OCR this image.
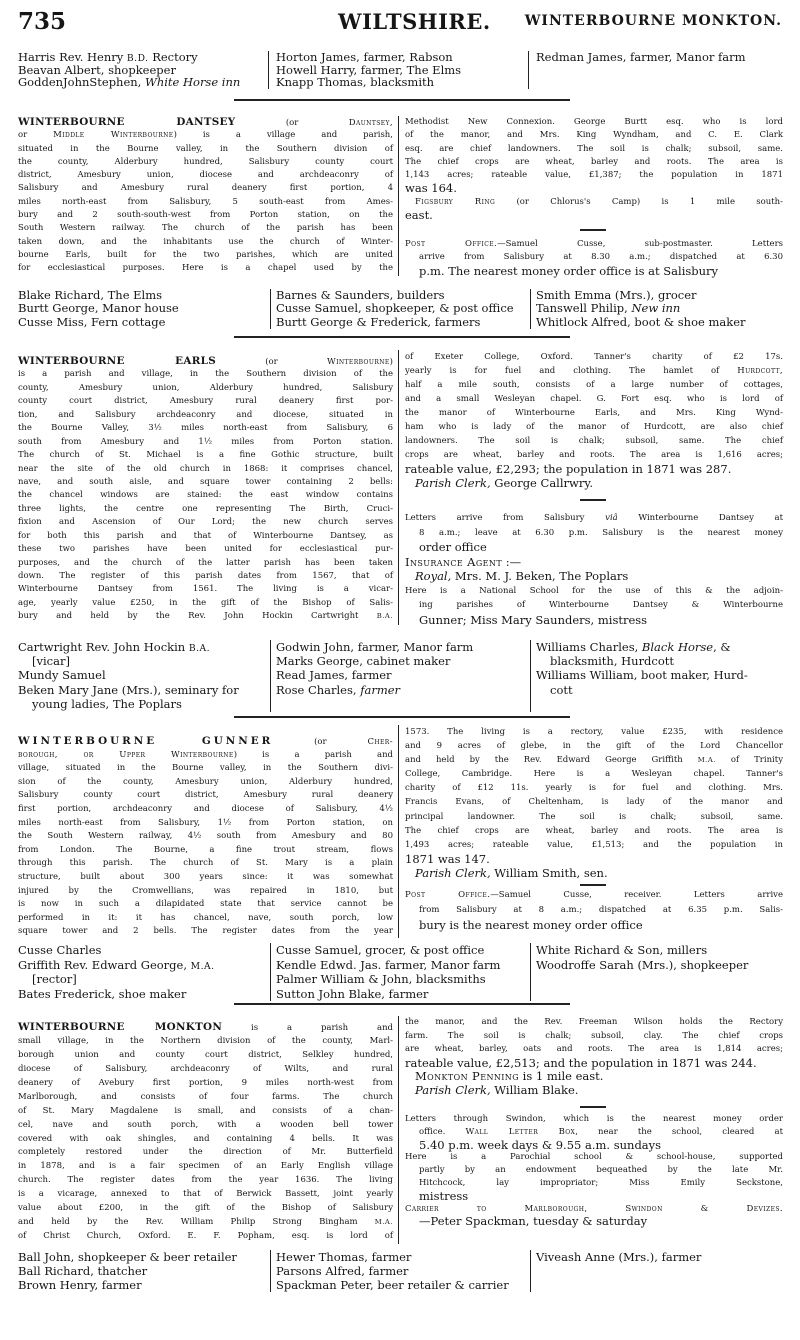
735	WILTSHIRE. WINTERBOURNE MONKTON.
Harris Rev. Henry B.D. Rectory
Beavan Albert, shopkeeper
GoddenJohnStephen, White Horse inn
Horton James, farmer, Rabson
Howell Harry, farmer, The Elms
Knapp Thomas, blacksmith
Redman James, farmer, Manor farm
WINTERBOURNE DANTSEY (or Dauntsey,
or Middle Winterbourne) is a village and parish,
situated in the Bourne valley, in the Southern division of
the county, Alderbury hundred, Salisbury county court
district, Amesbury union, diocese and archdeaconry of
Salisbury and Amesbury rural deanery first portion, 4
miles north-east from Salisbury, 5 south-east from Ames-
bury and 2 south-south-west from Porton station, on the
South Western railway. The church of the parish has been
taken down, and the inhabitants use the church of Winter-
bourne Earls, built for the two parishes, which are united
for ecclesiastical purposes. Here is a chapel used by the
Methodist New Connexion. George Burtt esq. who is lord
of the manor, and Mrs. King Wyndham, and C. E. Clark
esq. are chief landowners. The soil is chalk; subsoil, same.
The chief crops are wheat, barley and roots. The area is
1,143 acres; rateable value, £1,387; the population in 1871
was 164.
Figsbury Ring (or Chlorus's Camp) is 1 mile south-
east.
Post Office.—Samuel Cusse, sub-postmaster. Letters
arrive from Salisbury at 8.30 a.m.; dispatched at 6.30
p.m. The nearest money order office is at Salisbury
Blake Richard, The Elms
Burtt George, Manor house
Cusse Miss, Fern cottage
Barnes & Saunders, builders
Cusse Samuel, shopkeeper, & post office
Burtt George & Frederick, farmers
Smith Emma (Mrs.), grocer
Tanswell Philip, New inn
Whitlock Alfred, boot & shoe maker
WINTERBOURNE EARLS (or Winterbourne)
is a parish and village, in the Southern division of the
county, Amesbury union, Alderbury hundred, Salisbury
county court district, Amesbury rural deanery first por-
tion, and Salisbury archdeaconry and diocese, situated in
the Bourne Valley, 3½ miles north-east from Salisbury, 6
south from Amesbury and 1½ miles from Porton station.
The church of St. Michael is a fine Gothic structure, built
near the site of the old church in 1868: it comprises chancel,
nave, and south aisle, and square tower containing 2 bells:
the chancel windows are stained: the east window contains
three lights, the centre one representing The Birth, Cruci-
fixion and Ascension of Our Lord; the new church serves
for both this parish and that of Winterbourne Dantsey, as
these two parishes have been united for ecclesiastical pur-
purposes, and the church of the latter parish has been taken
down. The register of this parish dates from 1567, that of
Winterbourne Dantsey from 1561. The living is a vicar-
age, yearly value £250, in the gift of the Bishop of Salis-
bury and held by the Rev. John Hockin Cartwright B.A.
of Exeter College, Oxford. Tanner's charity of £2 17s.
yearly is for fuel and clothing. The hamlet of Hurdcott,
half a mile south, consists of a large number of cottages,
and a small Wesleyan chapel. G. Fort esq. who is lord of
the manor of Winterbourne Earls, and Mrs. King Wynd-
ham who is lady of the manor of Hurdcott, are also chief
landowners. The soil is chalk; subsoil, same. The chief
crops are wheat, barley and roots. The area is 1,616 acres;
rateable value, £2,293; the population in 1871 was 287.
Parish Clerk, George Callrwry.
Letters arrive from Salisbury viâ Winterbourne Dantsey at
8 a.m.; leave at 6.30 p.m. Salisbury is the nearest money
order office
Insurance Agent :—
Royal, Mrs. M. J. Beken, The Poplars
Here is a National School for the use of this & the adjoin-
ing parishes of Winterbourne Dantsey & Winterbourne
Gunner; Miss Mary Saunders, mistress
Cartwright Rev. John Hockin B.A.
[vicar]
Mundy Samuel
Beken Mary Jane (Mrs.), seminary for
young ladies, The Poplars
Godwin John, farmer, Manor farm
Marks George, cabinet maker
Read James, farmer
Rose Charles, farmer
Williams Charles, Black Horse, &
blacksmith, Hurdcott
Williams William, boot maker, Hurd-
cott
WINTERBOURNE GUNNER (or Cher-
borough, or Upper Winterbourne) is a parish and
village, situated in the Bourne valley, in the Southern divi-
sion of the county, Amesbury union, Alderbury hundred,
Salisbury county court district, Amesbury rural deanery
first portion, archdeaconry and diocese of Salisbury, 4½
miles north-east from Salisbury, 1½ from Porton station, on
the South Western railway, 4½ south from Amesbury and 80
from London. The Bourne, a fine trout stream, flows
through this parish. The church of St. Mary is a plain
structure, built about 300 years since: it was somewhat
injured by the Cromwellians, was repaired in 1810, but
is now in such a dilapidated state that service cannot be
performed in it: it has chancel, nave, south porch, low
square tower and 2 bells. The register dates from the year
1573. The living is a rectory, value £235, with residence
and 9 acres of glebe, in the gift of the Lord Chancellor
and held by the Rev. Edward George Griffith M.A. of Trinity
College, Cambridge. Here is a Wesleyan chapel. Tanner's
charity of £12 11s. yearly is for fuel and clothing. Mrs.
Francis Evans, of Cheltenham, is lady of the manor and
principal landowner. The soil is chalk; subsoil, same.
The chief crops are wheat, barley and roots. The area is
1,493 acres; rateable value, £1,513; and the population in
1871 was 147.
Parish Clerk, William Smith, sen.
Post Office.—Samuel Cusse, receiver. Letters arrive
from Salisbury at 8 a.m.; dispatched at 6.35 p.m. Salis-
bury is the nearest money order office
Cusse Charles
Griffith Rev. Edward George, M.A.
[rector]
Bates Frederick, shoe maker
Cusse Samuel, grocer, & post office
Kendle Edwd. Jas. farmer, Manor farm
Palmer William & John, blacksmiths
Sutton John Blake, farmer
White Richard & Son, millers
Woodroffe Sarah (Mrs.), shopkeeper
WINTERBOURNE MONKTON is a parish and
small village, in the Northern division of the county, Marl-
borough union and county court district, Selkley hundred,
diocese of Salisbury, archdeaconry of Wilts, and rural
deanery of Avebury first portion, 9 miles north-west from
Marlborough, and consists of four farms. The church
of St. Mary Magdalene is small, and consists of a chan-
cel, nave and south porch, with a wooden bell tower
covered with oak shingles, and containing 4 bells. It was
completely restored under the direction of Mr. Butterfield
in 1878, and is a fair specimen of an Early English village
church. The register dates from the year 1636. The living
is a vicarage, annexed to that of Berwick Bassett, joint yearly
value about £200, in the gift of the Bishop of Salisbury
and held by the Rev. William Philip Strong Bingham M.A.
of Christ Church, Oxford. E. F. Popham, esq. is lord of
the manor, and the Rev. Freeman Wilson holds the Rectory
farm. The soil is chalk; subsoil, clay. The chief crops
are wheat, barley, oats and roots. The area is 1,814 acres;
rateable value, £2,513; and the population in 1871 was 244.
Monkton Penning is 1 mile east.
Parish Clerk, William Blake.
Letters through Swindon, which is the nearest money order
office. Wall Letter Box, near the school, cleared at
5.40 p.m. week days & 9.55 a.m. sundays
Here is a Parochial school & school-house, supported
partly by an endowment bequeathed by the late Mr.
Hitchcock, lay impropriator; Miss Emily Seckstone,
mistress
Carrier to Marlborough, Swindon & Devizes.
—Peter Spackman, tuesday & saturday
Ball John, shopkeeper & beer retailer
Ball Richard, thatcher
Brown Henry, farmer
Hewer Thomas, farmer
Parsons Alfred, farmer
Spackman Peter, beer retailer & carrier
Viveash Anne (Mrs.), farmer
